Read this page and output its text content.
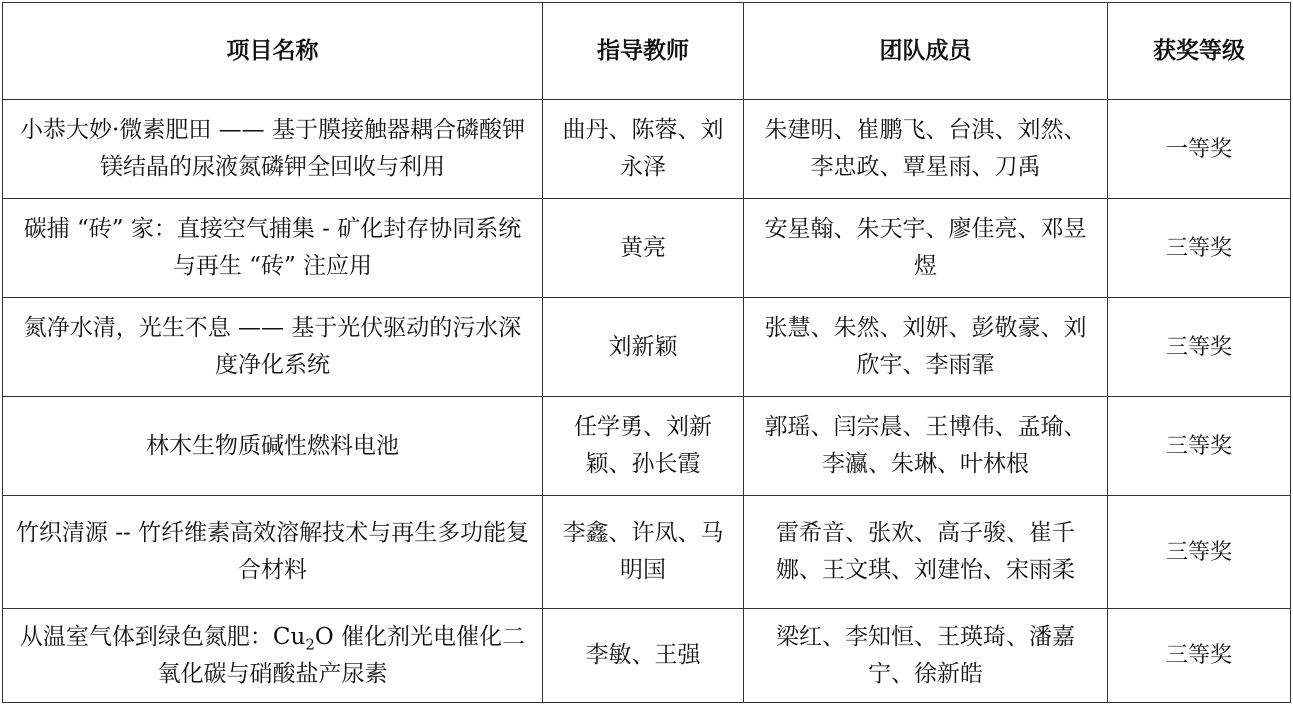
项目名称	指导教师	团队成员	获奖等级
小恭大妙·微素肥田 —— 基于膜接触器耦合磷酸钾镁结晶的尿液氮磷钾全回收与利用	曲丹、陈蓉、刘永泽	朱建明、崔鹏飞、台淇、刘然、李忠政、覃星雨、刀禹	一等奖
碳捕 “砖” 家：直接空气捕集 - 矿化封存协同系统与再生 “砖” 注应用	黄亮	安星翰、朱天宇、廖佳亮、邓昱煜	三等奖
氮净水清，光生不息 —— 基于光伏驱动的污水深度净化系统	刘新颖	张慧、朱然、刘妍、彭敬豪、刘欣宇、李雨霏	三等奖
林木生物质碱性燃料电池	任学勇、刘新颖、孙长霞	郭瑶、闫宗晨、王博伟、孟瑜、李瀛、朱琳、叶林根	三等奖
竹织清源 -- 竹纤维素高效溶解技术与再生多功能复合材料	李鑫、许凤、马明国	雷希音、张欢、高子骏、崔千娜、王文琪、刘建怡、宋雨柔	三等奖
从温室气体到绿色氮肥：$Cu_2O$ 催化剂光电催化二氧化碳与硝酸盐产尿素	李敏、王强	梁红、李知恒、王瑛琦、潘嘉宁、徐新皓	三等奖
